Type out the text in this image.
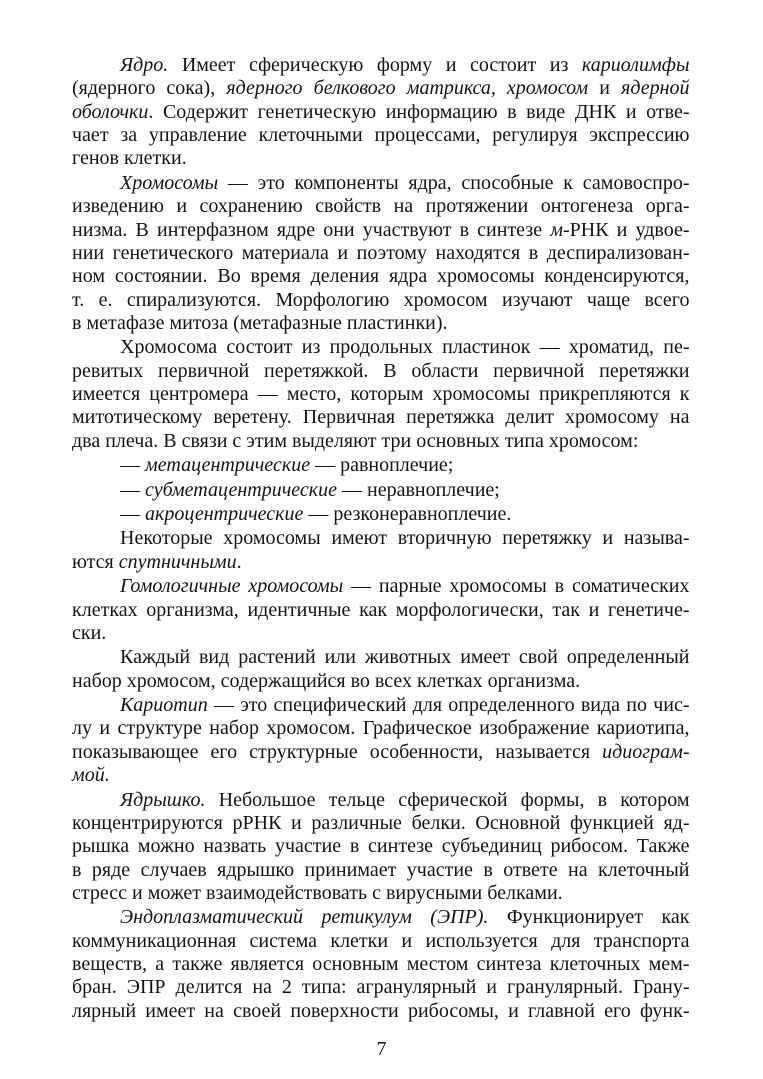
Ядро. Имеет сферическую форму и состоит из кариолимфы
(ядерного сока), ядерного белкового матрикса, хромосом и ядерной
оболочки. Содержит генетическую информацию в виде ДНК и отве-
чает за управление клеточными процессами, регулируя экспрессию
генов клетки.
Хромосомы — это компоненты ядра, способные к самовоспро-
изведению и сохранению свойств на протяжении онтогенеза орга-
низма. В интерфазном ядре они участвуют в синтезе м-РНК и удвое-
нии генетического материала и поэтому находятся в деспирализован-
ном состоянии. Во время деления ядра хромосомы конденсируются,
т. е. спирализуются. Морфологию хромосом изучают чаще всего
в метафазе митоза (метафазные пластинки).
Хромосома состоит из продольных пластинок — хроматид, пе-
ревитых первичной перетяжкой. В области первичной перетяжки
имеется центромера — место, которым хромосомы прикрепляются к
митотическому веретену. Первичная перетяжка делит хромосому на
два плеча. В связи с этим выделяют три основных типа хромосом:
— метацентрические — равноплечие;
— субметацентрические — неравноплечие;
— акроцентрические — резконеравноплечие.
Некоторые хромосомы имеют вторичную перетяжку и называ-
ются спутничными.
Гомологичные хромосомы — парные хромосомы в соматических
клетках организма, идентичные как морфологически, так и генетиче-
ски.
Каждый вид растений или животных имеет свой определенный
набор хромосом, содержащийся во всех клетках организма.
Кариотип — это специфический для определенного вида по чис-
лу и структуре набор хромосом. Графическое изображение кариотипа,
показывающее его структурные особенности, называется идиограм-
мой.
Ядрышко. Небольшое тельце сферической формы, в котором
концентрируются рРНК и различные белки. Основной функцией яд-
рышка можно назвать участие в синтезе субъединиц рибосом. Также
в ряде случаев ядрышко принимает участие в ответе на клеточный
стресс и может взаимодействовать с вирусными белками.
Эндоплазматический ретикулум (ЭПР). Функционирует как
коммуникационная система клетки и используется для транспорта
веществ, а также является основным местом синтеза клеточных мем-
бран. ЭПР делится на 2 типа: агранулярный и гранулярный. Грану-
лярный имеет на своей поверхности рибосомы, и главной его функ-
7
